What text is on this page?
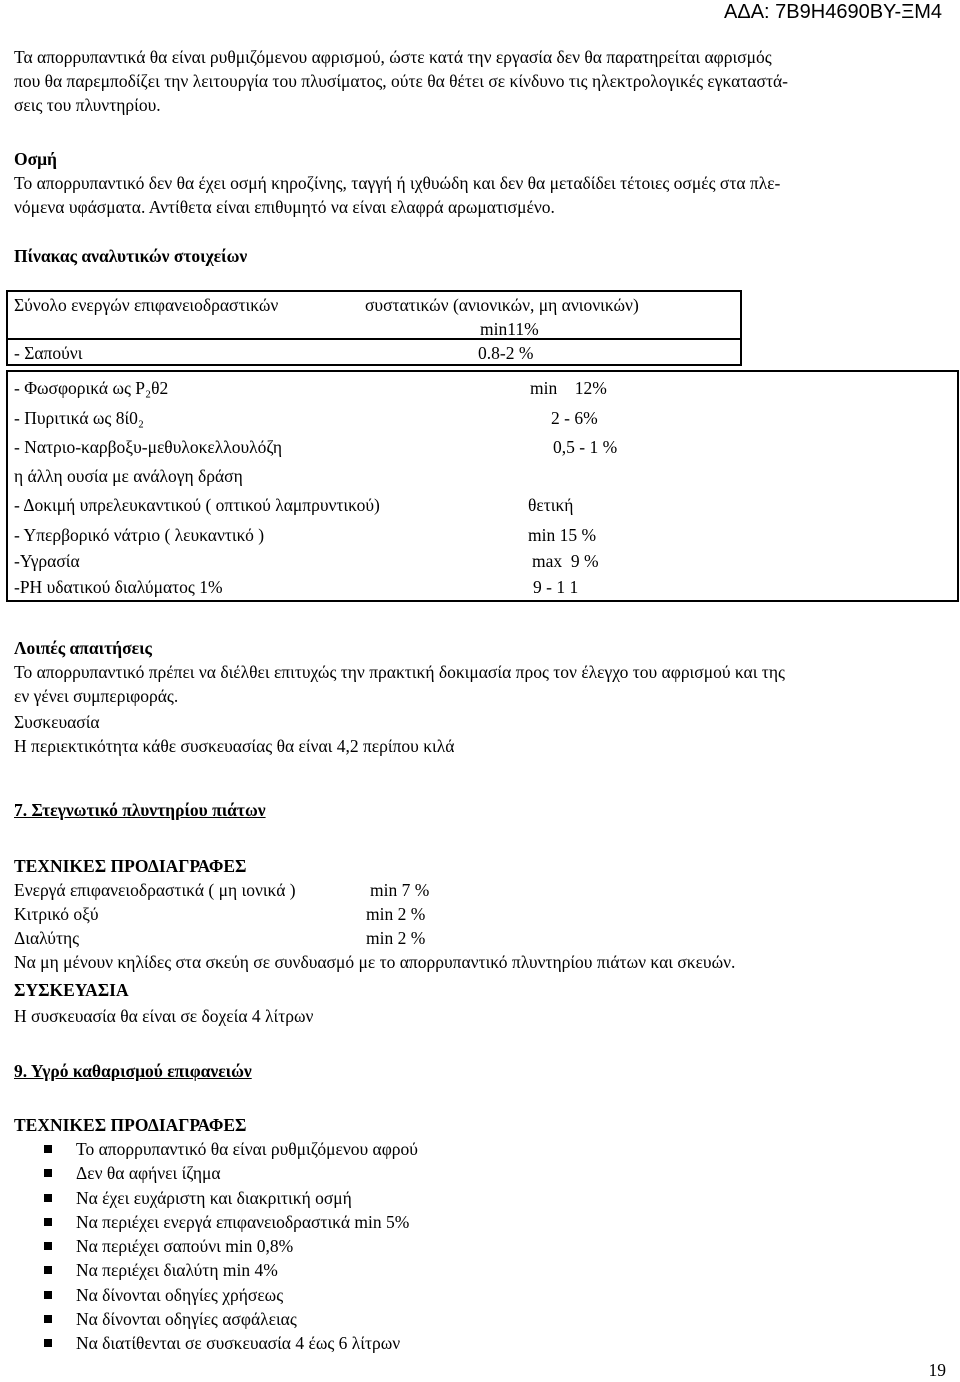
ΑΔΑ: 7Β9Η4690ΒΥ-ΞΜ4
Τα απορρυπαντικά θα είναι ρυθμιζόμενου αφρισμού, ώστε κατά την εργασία δεν θα παρατηρείται αφρισμός
που θα παρεμποδίζει την λειτουργία του πλυσίματος, ούτε θα θέτει σε κίνδυνο τις ηλεκτρολογικές εγκαταστά-
σεις του πλυντηρίου.
Οσμή
Το απορρυπαντικό δεν θα έχει οσμή κηροζίνης, ταγγή ή ιχθυώδη και δεν θα μεταδίδει τέτοιες οσμές στα πλε-
νόμενα υφάσματα. Αντίθετα είναι επιθυμητό να είναι ελαφρά αρωματισμένο.
Πίνακας αναλυτικών στοιχείων
Σύνολο ενεργών επιφανειοδραστικών	συστατικών (ανιονικών, μη ανιονικών)
min11%
- Σαπούνι	0.8-2 %
- Φωσφορικά ως P₂θ2	min    12%
- Πυριτικά ως 8ί0₂	2 - 6%
- Νατριο-καρβοξυ-μεθυλοκελλουλόζη	0,5 - 1 %
η άλλη ουσία με ανάλογη δράση
- Δοκιμή υπρελευκαντικού ( οπτικού λαμπρυντικού)	θετική
- Υπερβορικό νάτριο ( λευκαντικό )	min 15 %
-Υγρασία	max  9 %
-PH υδατικού διαλύματος 1%	9 - 1 1
Λοιπές απαιτήσεις
Το απορρυπαντικό πρέπει να διέλθει επιτυχώς την πρακτική δοκιμασία προς τον έλεγχο του αφρισμού και της
εν γένει συμπεριφοράς.
Συσκευασία
Η περιεκτικότητα κάθε συσκευασίας θα είναι 4,2 περίπου κιλά
7. Στεγνωτικό πλυντηρίου πιάτων
ΤΕΧΝΙΚΕΣ ΠΡΟΔΙΑΓΡΑΦΕΣ
Ενεργά επιφανειοδραστικά ( μη ιονικά )	min 7 %
Κιτρικό οξύ	min 2 %
Διαλύτης	min 2 %
Να μη μένουν κηλίδες στα σκεύη σε συνδυασμό με το απορρυπαντικό πλυντηρίου πιάτων και σκευών.
ΣΥΣΚΕΥΑΣΙΑ
Η συσκευασία θα είναι σε δοχεία 4 λίτρων
9. Υγρό καθαρισμού επιφανειών
ΤΕΧΝΙΚΕΣ ΠΡΟΔΙΑΓΡΑΦΕΣ
Το απορρυπαντικό θα είναι ρυθμιζόμενου αφρού
Δεν θα αφήνει ίζημα
Να έχει ευχάριστη και διακριτική οσμή
Να περιέχει ενεργά επιφανειοδραστικά min 5%
Να περιέχει σαπούνι min 0,8%
Να περιέχει διαλύτη min 4%
Να δίνονται οδηγίες χρήσεως
Να δίνονται οδηγίες ασφάλειας
Να διατίθενται σε συσκευασία 4 έως 6 λίτρων
19
